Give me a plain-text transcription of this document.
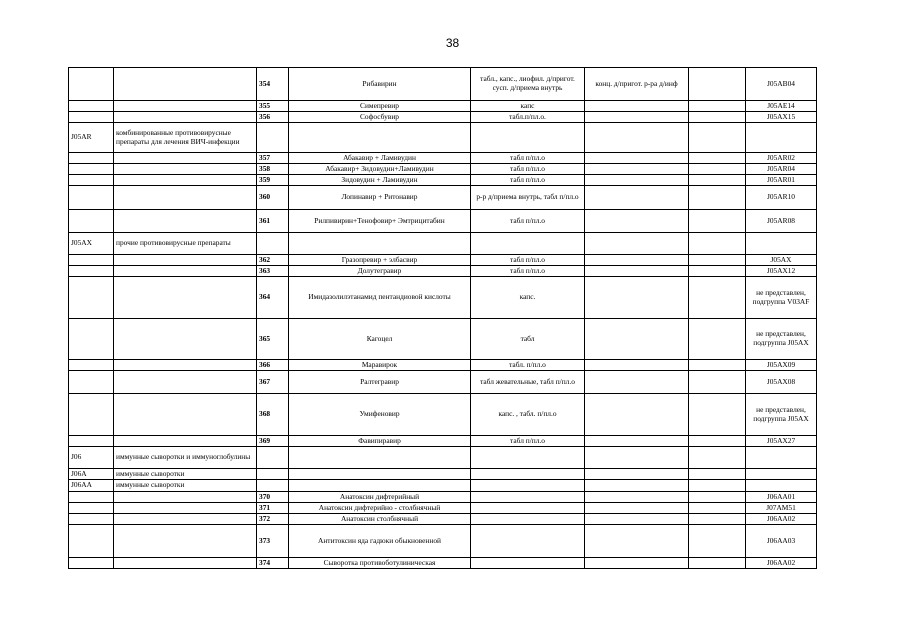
38
		354	Рибавирин	табл., капс., лиофил. д/пригот. сусп. д/приема внутрь	конц. д/пригот. р-ра д/инф		J05AB04
		355	Симепревир	капс			J05AE14
		356	Софосбувир	табл.п/пл.о.			J05AX15
J05AR	комбинированные противовирусные препараты для лечения ВИЧ-инфекции						
		357	Абакавир + Ламивудин	табл п/пл.о			J05AR02
		358	Абакавир+ Зидовудин+Ламивудин	табл п/пл.о			J05AR04
		359	Зидовудин + Ламивудин	табл п/пл.о			J05AR01
		360	Лопинавир + Ритонавир	р-р д/приема внутрь, табл п/пл.о			J05AR10
		361	Рилпивирин+Тенофовир+ Эмтрицитабин	табл п/пл.о			J05AR08
J05AX	прочие противовирусные препараты						
		362	Гразопревир + элбасвир	табл п/пл.о			J05AX
		363	Долутегравир	табл п/пл.о			J05AX12
		364	Имидазолилэтанамид пентандиовой кислоты	капс.			не представлен, подгруппа V03AF
		365	Кагоцел	табл			не представлен, подгруппа J05AX
		366	Маравирок	табл. п/пл.о			J05AX09
		367	Ралтегравир	табл жевательные, табл п/пл.о			J05AX08
		368	Умифеновир	капс. , табл. п/пл.о			не представлен, подгруппа J05AX
		369	Фавипиравир	табл п/пл.о			J05AX27
J06	иммунные сыворотки и иммуноглобулины						
J06A	иммунные сыворотки						
J06AA	иммунные сыворотки						
		370	Анатоксин дифтерийный				J06AA01
		371	Анатоксин дифтерийно - столбнячный				J07AM51
		372	Анатоксин столбнячный				J06AA02
		373	Антитоксин яда гадюки обыкновенной				J06AA03
		374	Сыворотка противоботулиническая				J06AA02
